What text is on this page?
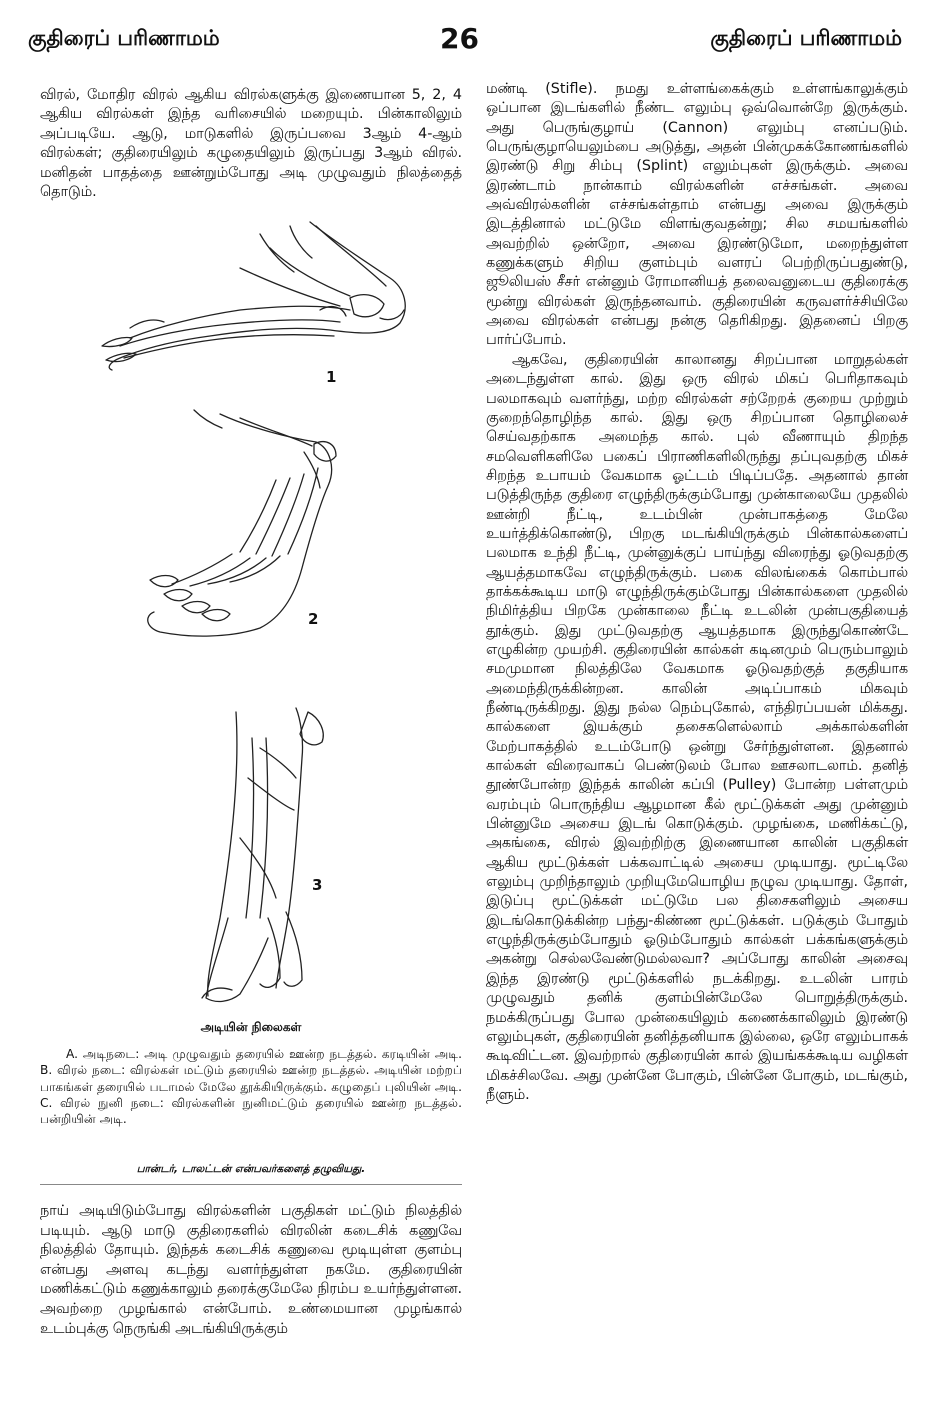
குதிரைப் பரிணாமம்	26	குதிரைப் பரிணாமம்

விரல், மோதிர விரல் ஆகிய விரல்களுக்கு இணையான 5, 2, 4 ஆகிய விரல்கள் இந்த வரிசையில் மறையும். பின்காலிலும் அப்படியே. ஆடு, மாடுகளில் இருப்பவை 3ஆம் 4-ஆம் விரல்கள்; குதிரையிலும் கழுதையிலும் இருப்பது 3ஆம் விரல். மனிதன் பாதத்தை ஊன்றும்போது அடி முழுவதும் நிலத்தைத் தொடும்.

1
2
3
அடியின் நிலைகள்

A. அடிநடை: அடி முழுவதும் தரையில் ஊன்ற நடத்தல். கரடியின் அடி. B. விரல் நடை: விரல்கள் மட்டும் தரையில் ஊன்ற நடத்தல். அடியின் மற்றப் பாகங்கள் தரையில் படாமல் மேலே தூக்கியிருக்கும். கழுதைப் புலியின் அடி. C. விரல் நுனி நடை: விரல்களின் நுனிமட்டும் தரையில் ஊன்ற நடத்தல். பன்றியின் அடி.

பான்டர், டாலட்டன் என்பவர்களைத் தழுவியது.

நாய் அடியிடும்போது விரல்களின் பகுதிகள் மட்டும் நிலத்தில் படியும். ஆடு மாடு குதிரைகளில் விரலின் கடைசிக் கணுவே நிலத்தில் தோயும். இந்தக் கடைசிக் கணுவை மூடியுள்ள குளம்பு என்பது அளவு கடந்து வளர்ந்துள்ள நகமே. குதிரையின் மணிக்கட்டும் கணுக்காலும் தரைக்குமேலே நிரம்ப உயர்ந்துள்ளன. அவற்றை முழங்கால் என்போம். உண்மையான முழங்கால் உடம்புக்கு நெருங்கி அடங்கியிருக்கும்

மண்டி (Stifle). நமது உள்ளங்கைக்கும் உள்ளங்காலுக்கும் ஒப்பான இடங்களில் நீண்ட எலும்பு ஒவ்வொன்றே இருக்கும். அது பெருங்குழாய் (Cannon) எலும்பு எனப்படும். பெருங்குழாயெலும்பை அடுத்து, அதன் பின்முகக்கோணங்களில் இரண்டு சிறு சிம்பு (Splint) எலும்புகள் இருக்கும். அவை இரண்டாம் நான்காம் விரல்களின் எச்சங்கள். அவை அவ்விரல்களின் எச்சங்கள்தாம் என்பது அவை இருக்கும் இடத்தினால் மட்டுமே விளங்குவதன்று; சில சமயங்களில் அவற்றில் ஒன்றோ, அவை இரண்டுமோ, மறைந்துள்ள கணுக்களும் சிறிய குளம்பும் வளரப் பெற்றிருப்பதுண்டு, ஜூலியஸ் சீசர் என்னும் ரோமானியத் தலைவனுடைய குதிரைக்கு மூன்று விரல்கள் இருந்தனவாம். குதிரையின் கருவளர்ச்சியிலே அவை விரல்கள் என்பது நன்கு தெரிகிறது. இதனைப் பிறகு பார்ப்போம்.

ஆகவே, குதிரையின் காலானது சிறப்பான மாறுதல்கள் அடைந்துள்ள கால். இது ஒரு விரல் மிகப் பெரிதாகவும் பலமாகவும் வளர்ந்து, மற்ற விரல்கள் சற்றேறக் குறைய முற்றும் குறைந்தொழிந்த கால். இது ஒரு சிறப்பான தொழிலைச் செய்வதற்காக அமைந்த கால். புல் வீணாயும் திறந்த சமவெளிகளிலே பகைப் பிராணிகளிலிருந்து தப்புவதற்கு மிகச் சிறந்த உபாயம் வேகமாக ஓட்டம் பிடிப்பதே. அதனால் தான் படுத்திருந்த குதிரை எழுந்திருக்கும்போது முன்காலையே முதலில் ஊன்றி நீட்டி, உடம்பின் முன்பாகத்தை மேலே உயர்த்திக்கொண்டு, பிறகு மடங்கியிருக்கும் பின்கால்களைப் பலமாக உந்தி நீட்டி, முன்னுக்குப் பாய்ந்து விரைந்து ஓடுவதற்கு ஆயத்தமாகவே எழுந்திருக்கும். பகை விலங்கைக் கொம்பால் தாக்கக்கூடிய மாடு எழுந்திருக்கும்போது பின்கால்களை முதலில் நிமிர்த்திய பிறகே முன்காலை நீட்டி உடலின் முன்பகுதியைத் தூக்கும். இது முட்டுவதற்கு ஆயத்தமாக இருந்துகொண்டே எழுகின்ற முயற்சி. குதிரையின் கால்கள் கடினமும் பெரும்பாலும் சமமுமான நிலத்திலே வேகமாக ஓடுவதற்குத் தகுதியாக அமைந்திருக்கின்றன. காலின் அடிப்பாகம் மிகவும் நீண்டிருக்கிறது. இது நல்ல நெம்புகோல், எந்திரப்பயன் மிக்கது. கால்களை இயக்கும் தசைகளெல்லாம் அக்கால்களின் மேற்பாகத்தில் உடம்போடு ஒன்று சேர்ந்துள்ளன. இதனால் கால்கள் விரைவாகப் பெண்டுலம் போல ஊசலாடலாம். தனித் தூண்போன்ற இந்தக் காலின் கப்பி (Pulley) போன்ற பள்ளமும் வரம்பும் பொருந்திய ஆழமான கீல் மூட்டுக்கள் அது முன்னும் பின்னுமே அசைய இடங் கொடுக்கும். முழங்கை, மணிக்கட்டு, அகங்கை, விரல் இவற்றிற்கு இணையான காலின் பகுதிகள் ஆகிய மூட்டுக்கள் பக்கவாட்டில் அசைய முடியாது. மூட்டிலே எலும்பு முறிந்தாலும் முறியுமேயொழிய நழுவ முடியாது. தோள், இடுப்பு மூட்டுக்கள் மட்டுமே பல திசைகளிலும் அசைய இடங்கொடுக்கின்ற பந்து-கிண்ண மூட்டுக்கள். படுக்கும் போதும் எழுந்திருக்கும்போதும் ஓடும்போதும் கால்கள் பக்கங்களுக்கும் அகன்று செல்லவேண்டுமல்லவா? அப்போது காலின் அசைவு இந்த இரண்டு மூட்டுக்களில் நடக்கிறது. உடலின் பாரம் முழுவதும் தனிக் குளம்பின்மேலே பொறுத்திருக்கும். நமக்கிருப்பது போல முன்கையிலும் கணைக்காலிலும் இரண்டு எலும்புகள், குதிரையின் தனித்தனியாக இல்லை, ஒரே எலும்பாகக் கூடிவிட்டன. இவற்றால் குதிரையின் கால் இயங்கக்கூடிய வழிகள் மிகச்சிலவே. அது முன்னே போகும், பின்னே போகும், மடங்கும், நீளும்.
